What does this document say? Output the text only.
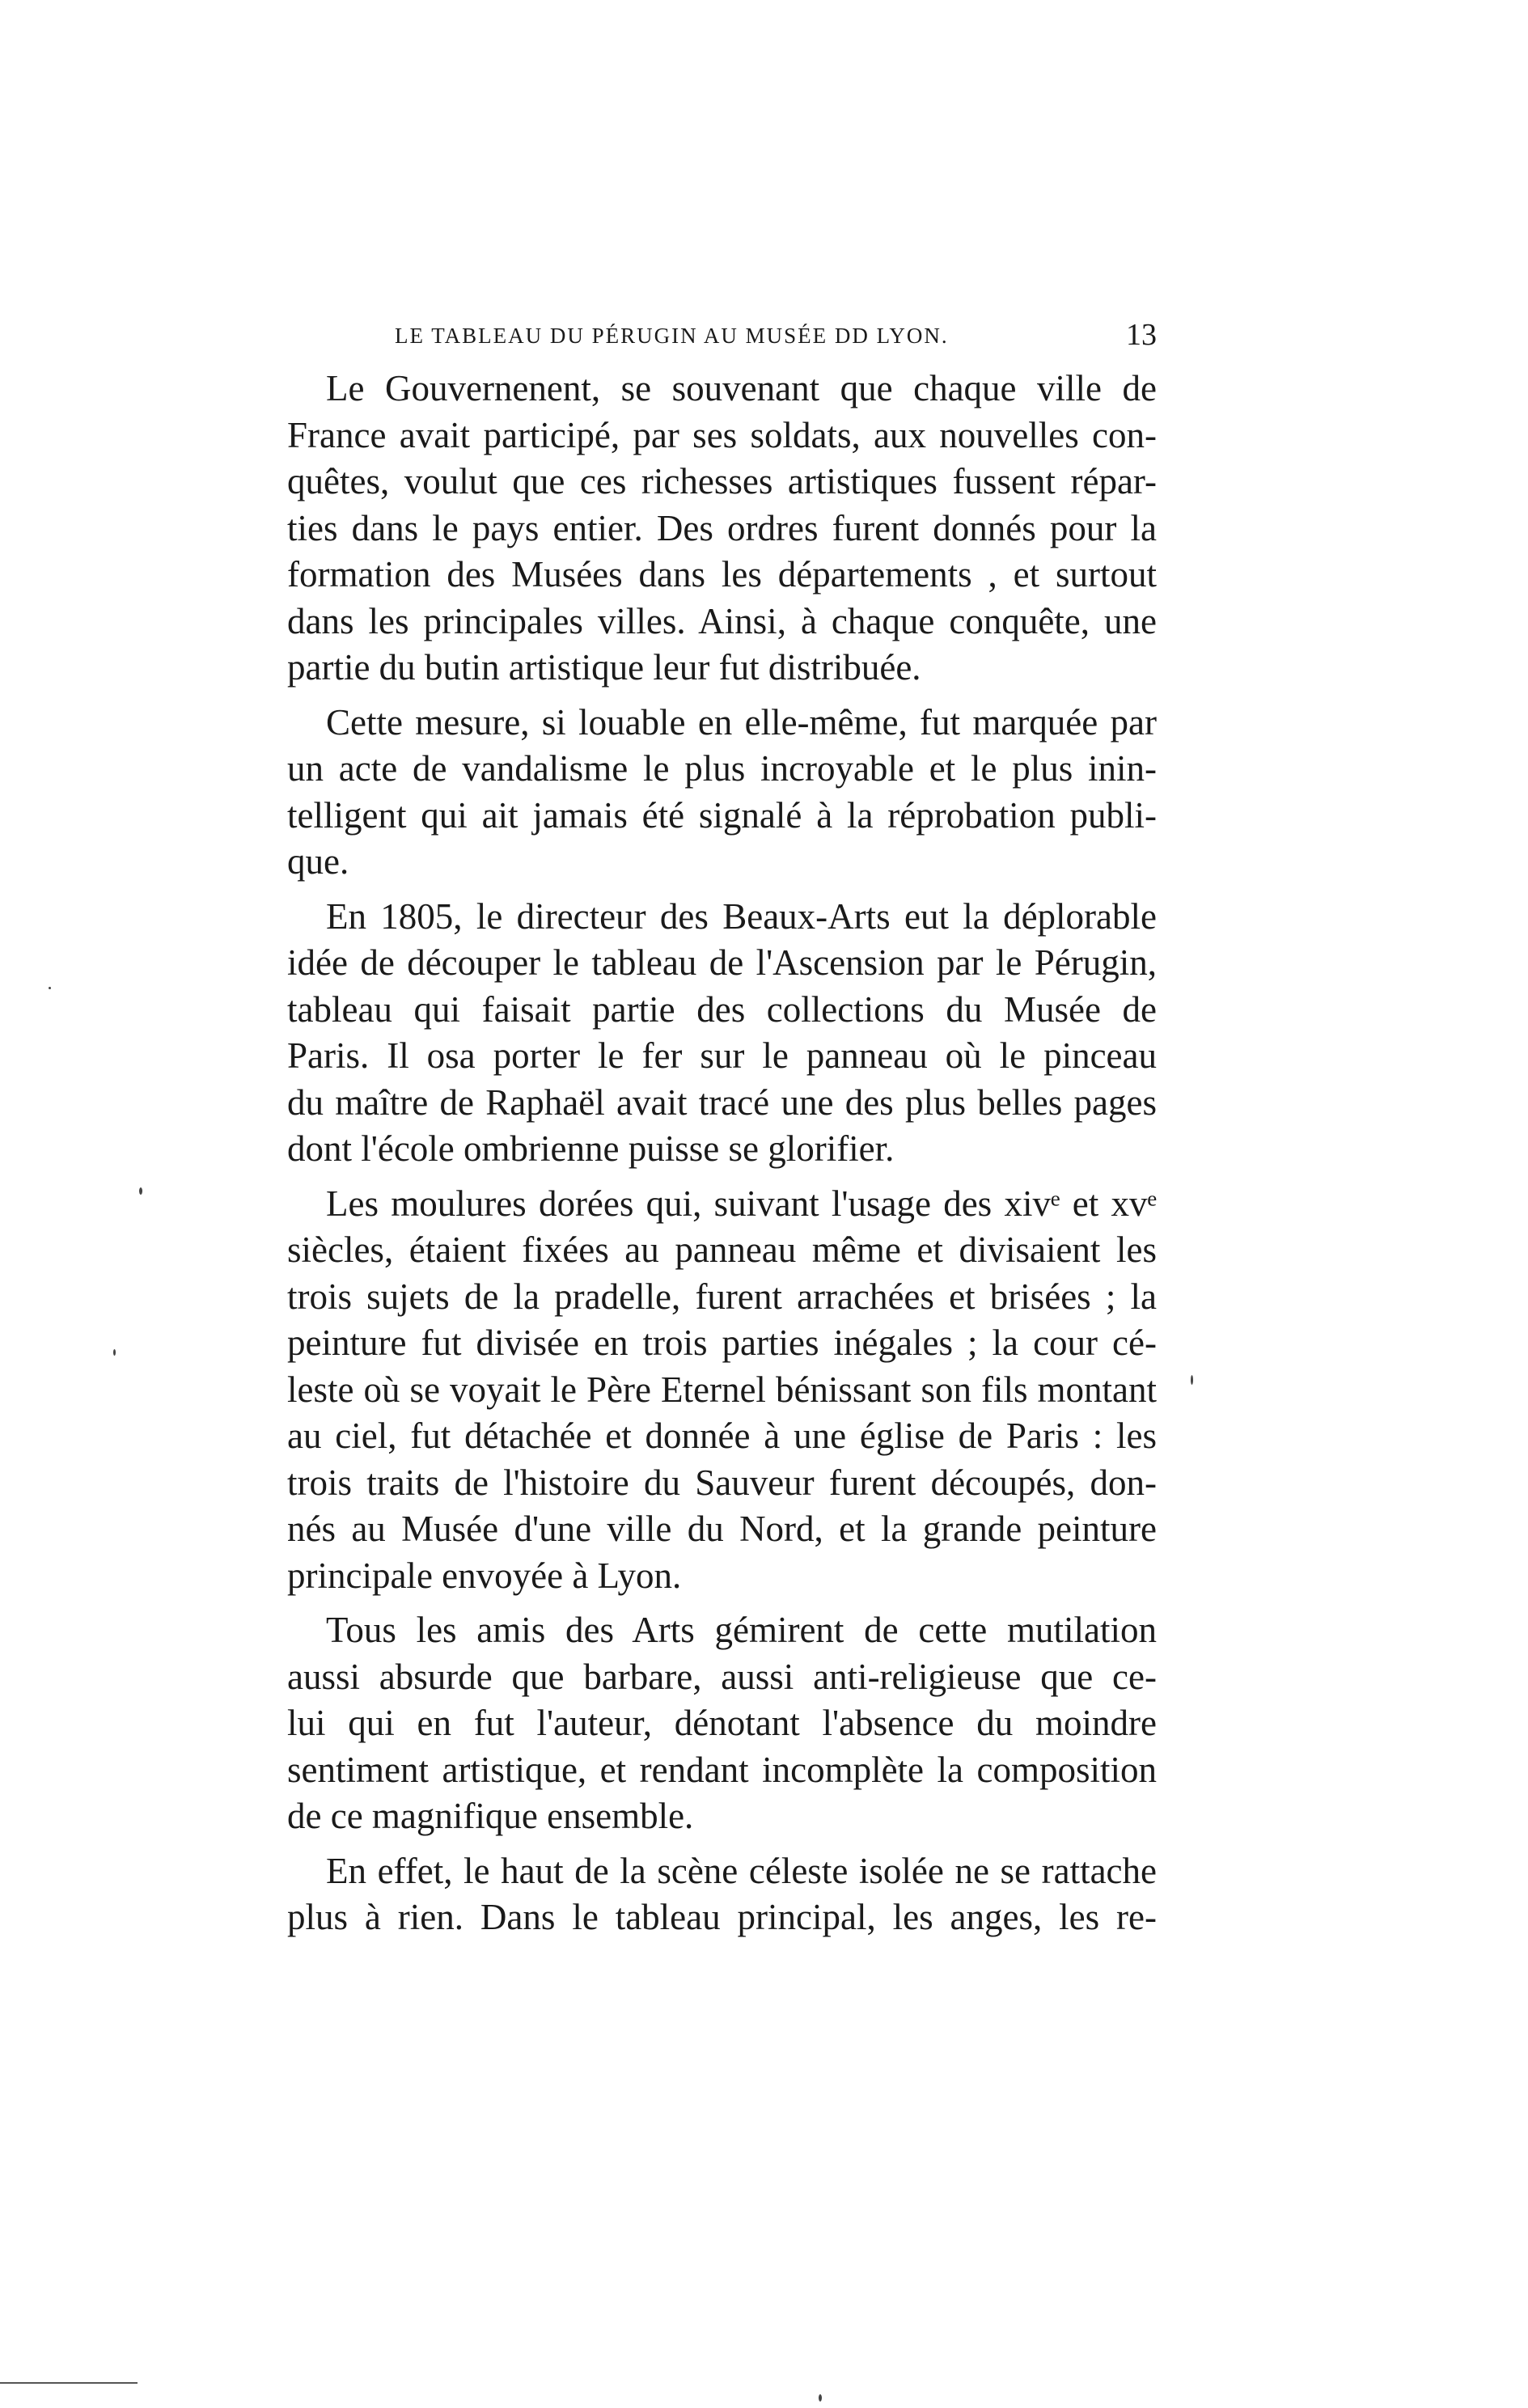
LE TABLEAU DU PÉRUGIN AU MUSÉE DD LYON.	13

Le Gouvernenent, se souvenant que chaque ville de
France avait participé, par ses soldats, aux nouvelles con-
quêtes, voulut que ces richesses artistiques fussent répar-
ties dans le pays entier. Des ordres furent donnés pour la
formation des Musées dans les départements , et surtout
dans les principales villes. Ainsi, à chaque conquête, une
partie du butin artistique leur fut distribuée.

Cette mesure, si louable en elle-même, fut marquée par
un acte de vandalisme le plus incroyable et le plus inin-
telligent qui ait jamais été signalé à la réprobation publi-
que.

En 1805, le directeur des Beaux-Arts eut la déplorable
idée de découper le tableau de l'Ascension par le Pérugin,
tableau qui faisait partie des collections du Musée de
Paris. Il osa porter le fer sur le panneau où le pinceau
du maître de Raphaël avait tracé une des plus belles pages
dont l'école ombrienne puisse se glorifier.

Les moulures dorées qui, suivant l'usage des xivᵉ et xvᵉ
siècles, étaient fixées au panneau même et divisaient les
trois sujets de la pradelle, furent arrachées et brisées ; la
peinture fut divisée en trois parties inégales ; la cour cé-
leste où se voyait le Père Eternel bénissant son fils montant
au ciel, fut détachée et donnée à une église de Paris : les
trois traits de l'histoire du Sauveur furent découpés, don-
nés au Musée d'une ville du Nord, et la grande peinture
principale envoyée à Lyon.

Tous les amis des Arts gémirent de cette mutilation
aussi absurde que barbare, aussi anti-religieuse que ce-
lui qui en fut l'auteur, dénotant l'absence du moindre
sentiment artistique, et rendant incomplète la composition
de ce magnifique ensemble.

En effet, le haut de la scène céleste isolée ne se rattache
plus à rien. Dans le tableau principal, les anges, les re-
